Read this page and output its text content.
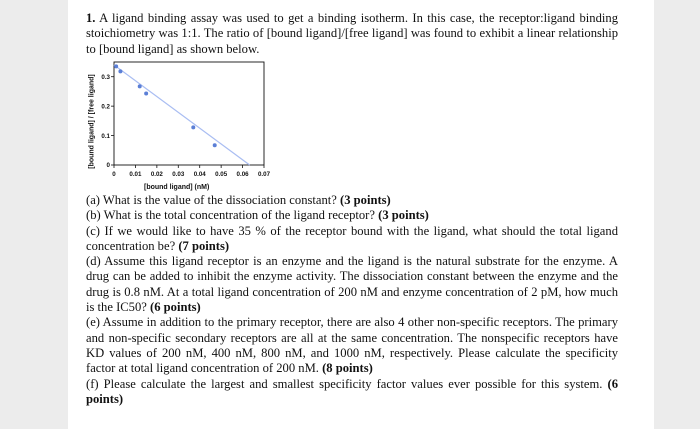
1. A ligand binding assay was used to get a binding isotherm. In this case, the receptor:ligand binding stoichiometry was 1:1. The ratio of [bound ligand]/[free ligand] was found to exhibit a linear relationship to [bound ligand] as shown below.
0 0.01 0.02 0.03 0.04 0.05 0.06 0.07
0
0.1
0.2
0.3
[bound ligand] / [free ligand]
[bound ligand] (nM)

(a) What is the value of the dissociation constant? (3 points)

(b) What is the total concentration of the ligand receptor? (3 points)

(c) If we would like to have 35 % of the receptor bound with the ligand, what should the total ligand concentration be? (7 points)

(d) Assume this ligand receptor is an enzyme and the ligand is the natural substrate for the enzyme. A drug can be added to inhibit the enzyme activity. The dissociation constant between the enzyme and the drug is 0.8 nM. At a total ligand concentration of 200 nM and enzyme concentration of 2 pM, how much is the IC50? (6 points)

(e) Assume in addition to the primary receptor, there are also 4 other non-specific receptors. The primary and non-specific secondary receptors are all at the same concentration. The nonspecific receptors have KD values of 200 nM, 400 nM, 800 nM, and 1000 nM, respectively. Please calculate the specificity factor at total ligand concentration of 200 nM. (8 points)

(f) Please calculate the largest and smallest specificity factor values ever possible for this system. (6 points)
